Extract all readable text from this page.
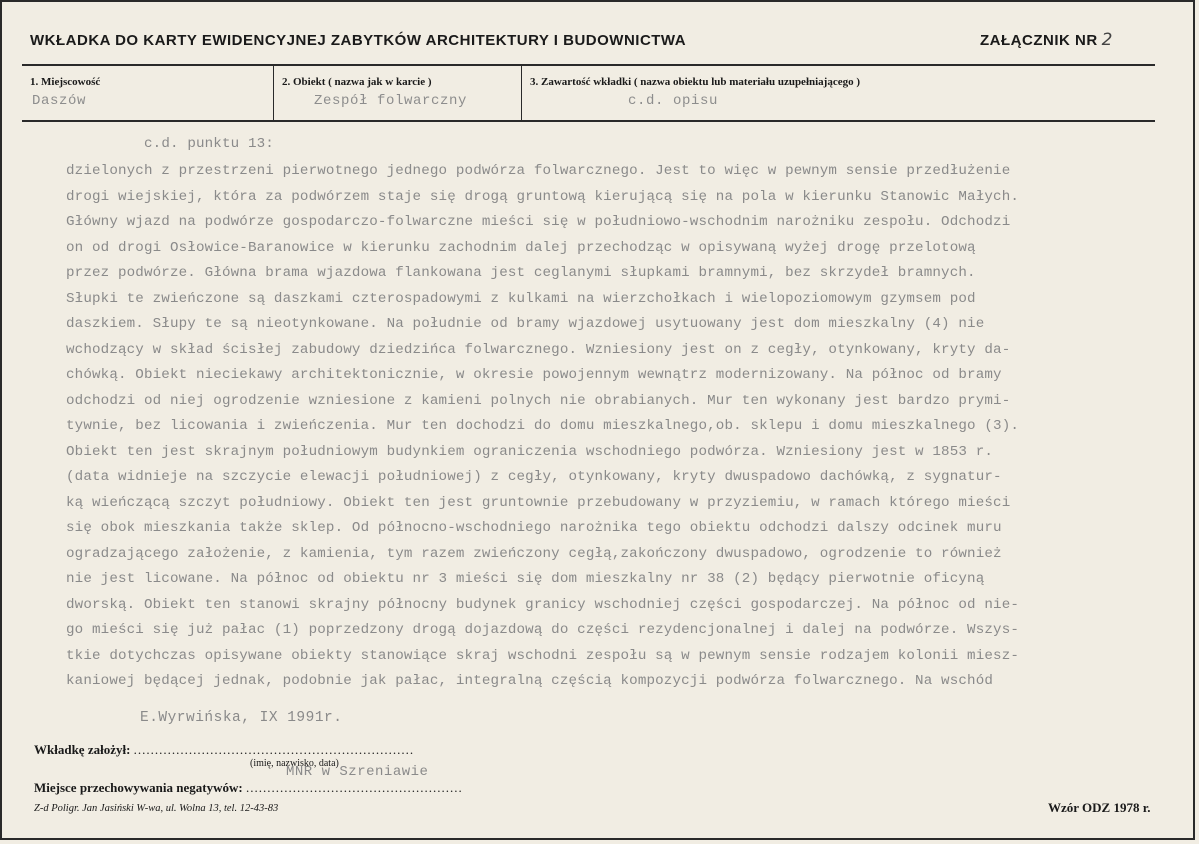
WKŁADKA DO KARTY EWIDENCYJNEJ ZABYTKÓW ARCHITEKTURY I BUDOWNICTWA	ZAŁĄCZNIK NR 2
1. Miejscowość
Daszów
2. Obiekt ( nazwa jak w karcie )
Zespół folwarczny
3. Zawartość wkładki ( nazwa obiektu lub materiału uzupełniającego )
c.d. opisu
c.d. punktu 13:
dzielonych z przestrzeni pierwotnego jednego podwórza folwarcznego. Jest to więc w pewnym sensie przedłużenie
drogi wiejskiej, która za podwórzem staje się drogą gruntową kierującą się na pola w kierunku Stanowic Małych.
Główny wjazd na podwórze gospodarczo-folwarczne mieści się w południowo-wschodnim narożniku zespołu. Odchodzi
on od drogi Osłowice-Baranowice w kierunku zachodnim dalej przechodząc w opisywaną wyżej drogę przelotową
przez podwórze. Główna brama wjazdowa flankowana jest ceglanymi słupkami bramnymi, bez skrzydeł bramnych.
Słupki te zwieńczone są daszkami czterospadowymi z kulkami na wierzchołkach i wielopoziomowym gzymsem pod
daszkiem. Słupy te są nieotynkowane. Na południe od bramy wjazdowej usytuowany jest dom mieszkalny (4) nie
wchodzący w skład ścisłej zabudowy dziedzińca folwarcznego. Wzniesiony jest on z cegły, otynkowany, kryty da-
chówką. Obiekt nieciekawy architektonicznie, w okresie powojennym wewnątrz modernizowany. Na północ od bramy
odchodzi od niej ogrodzenie wzniesione z kamieni polnych nie obrabianych. Mur ten wykonany jest bardzo prymi-
tywnie, bez licowania i zwieńczenia. Mur ten dochodzi do domu mieszkalnego,ob. sklepu i domu mieszkalnego (3).
Obiekt ten jest skrajnym południowym budynkiem ograniczenia wschodniego podwórza. Wzniesiony jest w 1853 r.
(data widnieje na szczycie elewacji południowej) z cegły, otynkowany, kryty dwuspadowo dachówką, z sygnatur-
ką wieńczącą szczyt południowy. Obiekt ten jest gruntownie przebudowany w przyziemiu, w ramach którego mieści
się obok mieszkania także sklep. Od północno-wschodniego narożnika tego obiektu odchodzi dalszy odcinek muru
ogradzającego założenie, z kamienia, tym razem zwieńczony cegłą,zakończony dwuspadowo, ogrodzenie to również
nie jest licowane. Na północ od obiektu nr 3 mieści się dom mieszkalny nr 38 (2) będący pierwotnie oficyną
dworską. Obiekt ten stanowi skrajny północny budynek granicy wschodniej części gospodarczej. Na północ od nie-
go mieści się już pałac (1) poprzedzony drogą dojazdową do części rezydencjonalnej i dalej na podwórze. Wszys-
tkie dotychczas opisywane obiekty stanowiące skraj wschodni zespołu są w pewnym sensie rodzajem kolonii miesz-
kaniowej będącej jednak, podobnie jak pałac, integralną częścią kompozycji podwórza folwarcznego. Na wschód
E.Wyrwińska, IX 1991r.
Wkładkę założył: ..................................................................
(imię, nazwisko, data)
MNR w Szreniawie
Miejsce przechowywania negatywów: ...................................................
Z-d Poligr. Jan Jasiński W-wa, ul. Wolna 13, tel. 12-43-83	Wzór ODZ 1978 r.
